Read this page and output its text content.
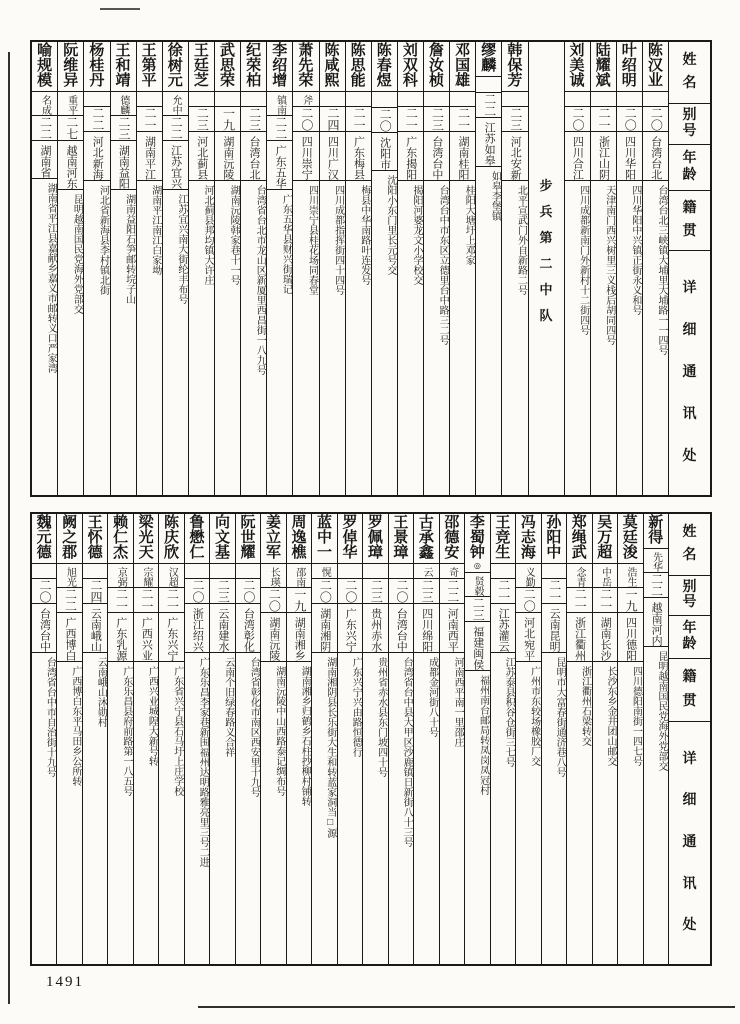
姓
名
别
号
年
龄
籍
贯
详
细
通
讯
处
陈
汉
业
二〇
台湾台北
台湾台北三峡镇大埔里大埔路一一四号
叶
绍
明
二〇
四川华阳
四川华阳中兴镇正街永义和号
陆
耀
斌
二一
浙江山阴
天津南门西兴树里三义栈后胡同四号
刘
美
诚
二〇
四川合江
四川成都新南门外新村十二街四号
步
兵
第
二
中
队
韩
保
芳
二三
河北安新
北平宣武门外自新路二号
缪
麟
二二
江苏如皋
如皋李堡镇
邓
国
雄
二一
湖南桂阳
桂阳大塘圩上邓家
詹
汝
桢
二三
台湾台中
台湾台中市东区立德里台中路三二号
刘
双
科
二一
广东揭阳
揭阳河婆龙文小学校交
陈
春
煜
二〇
沈阳市
沈阳小东门里长元号交
陈
思
能
二一
广东梅县
梅县中华南路叶连发号
陈
咸
熙
二四
四川广汉
四川成都指挥街四十四号
萧
先
荣
斧
二〇
四川崇宁
四川崇宁县桂花场同春堂
李
绍
增
镇南
二二
广东五华
广东五华县财兴街瑞记
纪
荣
柏
二三
台湾台北
台湾省台北市龙山区新厦里西昌街一八九号
武
思
荣
一九
湖南沅陵
湖南沅陵韩家巷十一号
王
廷
芝
二三
河北蓟县
河北蓟县邦均镇大许庄
徐
树
元
允中
二二
江苏宜兴
江苏宜兴南大街纶丰布号
王
第
平
二一
湖南平江
湖南平江南江白家坳
王
和
靖
德麟
二三
湖南益阳
湖南益阳石笋邮转垸子山
杨
桂
丹
二二
河北新海
河北省新海县李村镇北街
阮
维
异
重平
二七
越南河东
昆明越南国民党海外党部交
喻
规
模
名成
二二
湖南省
湖南省平江县嘉献乡嘉义市邮转义口严家湾
姓
名
别
号
年
龄
籍
贯
详
细
通
讯
处
新
得
先华
二二
越南河内
昆明越南国民党海外党部交
莫
廷
浚
浩生
一九
四川德阳
四川德阳南街一四七号
吴
万
超
中岳
二一
湖南长沙
长沙东乡金井团山邮交
郑
绳
武
念青
二一
浙江衢州
浙江衢州石梁转交
孙
阳
中
二一
云南昆明
昆明市大富春街通济巷八号
冯
志
海
义勤
二〇
河北宛平
广州市东较场橡胶厂交
王
竞
生
二一
江苏灌云
江苏泰县积谷仓街三七号
李
蜀
钟
◎
贤毂
二三
福建闽侯
福州南台邮局转凤岗凤冠村
邵
德
安
奇
二二
河南西平
河南西平南一里邵庄
古
承
鑫
云
二三
四川绵阳
成都金河街八十号
王
景
璋
二〇
台湾台中
台湾省台中县大甲区沙鹿镇日新街八十三号
罗
佩
璋
二三
贵州赤水
贵州省赤水县东门坡四十号
罗
倬
华
二〇
广东兴宁
广东兴宁兴由路恒德行
蓝
中
一
愰
二〇
湖南湘阴
湖南湘阴县长乐街大生和转蓝家洞当□源
周
逸
樵
邵南
一九
湖南湘乡
湖南湘乡归鹤乡石柱抄柳村铺转
姜
立
军
长瑛
二〇
湖南沅陵
湖南沅陵中山西路泰记绸布号
阮
世
耀
二〇
台湾彰化
台湾省彰化市南区西安里十九号
向
文
基
二三
云南建水
云南个旧绿春路义合祥
鲁
懋
仁
二〇
浙江绍兴
广东乐昌李家巷新围福州达明路雅亮里三号二进
陈
庆
欣
汉超
二一
广东兴宁
广东省兴宁县石马圩上庄学校
梁
光
天
宗耀
二一
广西兴业
广西兴业城隍大新号转
赖
仁
杰
京弼
二一
广东乳源
广东乐昌县府前路第一八五号
王
怀
德
二四
云南峨山
云南峨山沐勋村
阙
之
郡
旭光
二二
广西博白
广西博白东平马田乡公所转
魏
元
德
二〇
台湾台中
台湾省台中市自治街十九号
1491
